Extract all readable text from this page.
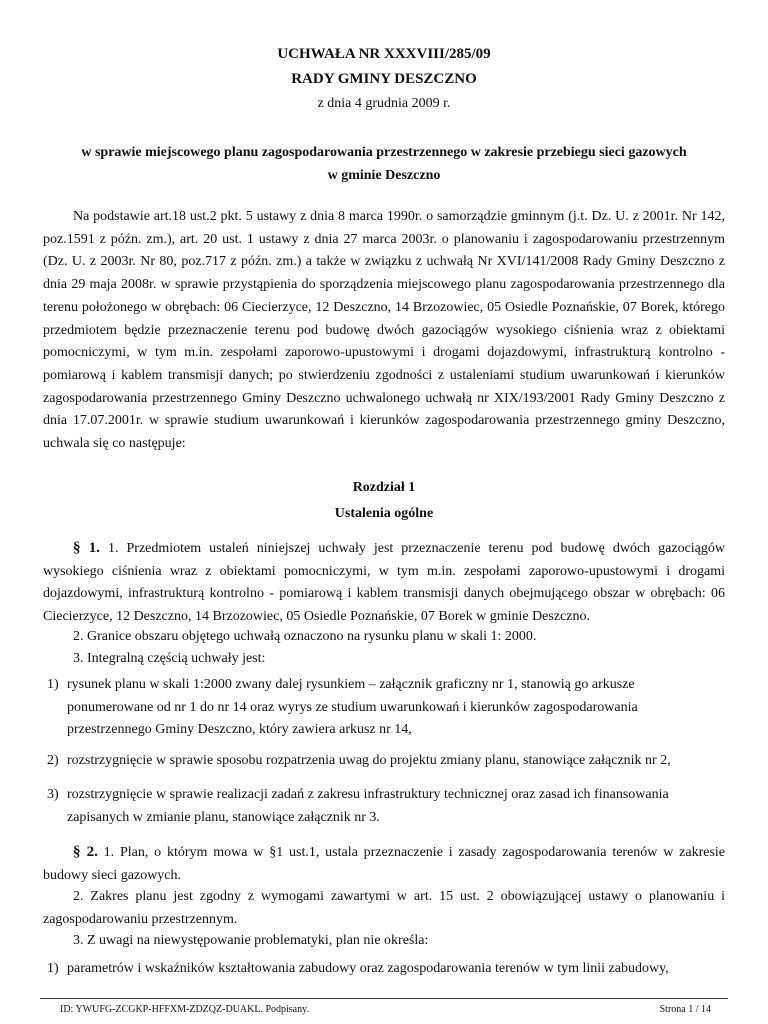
UCHWAŁA NR XXXVIII/285/09
RADY GMINY DESZCZNO
z dnia 4 grudnia 2009 r.
w sprawie miejscowego planu zagospodarowania przestrzennego w zakresie przebiegu sieci gazowych
w gminie Deszczno

Na podstawie art.18 ust.2 pkt. 5 ustawy z dnia 8 marca 1990r. o samorządzie gminnym (j.t. Dz. U. z 2001r. Nr 142, poz.1591 z późn. zm.), art. 20 ust. 1 ustawy z dnia 27 marca 2003r. o planowaniu i zagospodarowaniu przestrzennym (Dz. U. z 2003r. Nr 80, poz.717 z późn. zm.) a także w związku z uchwałą Nr XVI/141/2008 Rady Gminy Deszczno z dnia 29 maja 2008r. w sprawie przystąpienia do sporządzenia miejscowego planu zagospodarowania przestrzennego dla terenu położonego w obrębach: 06 Ciecierzyce, 12 Deszczno, 14 Brzozowiec, 05 Osiedle Poznańskie, 07 Borek, którego przedmiotem będzie przeznaczenie terenu pod budowę dwóch gazociągów wysokiego ciśnienia wraz z obiektami pomocniczymi, w tym m.in. zespołami zaporowo-upustowymi i drogami dojazdowymi, infrastrukturą kontrolno - pomiarową i kablem transmisji danych; po stwierdzeniu zgodności z ustaleniami studium uwarunkowań i kierunków zagospodarowania przestrzennego Gminy Deszczno uchwalonego uchwałą nr XIX/193/2001 Rady Gminy Deszczno z dnia 17.07.2001r. w sprawie studium uwarunkowań i kierunków zagospodarowania przestrzennego gminy Deszczno, uchwala się co następuje:

Rozdział 1
Ustalenia ogólne

§ 1. 1. Przedmiotem ustaleń niniejszej uchwały jest przeznaczenie terenu pod budowę dwóch gazociągów wysokiego ciśnienia wraz z obiektami pomocniczymi, w tym m.in. zespołami zaporowo-upustowymi i drogami dojazdowymi, infrastrukturą kontrolno - pomiarową i kablem transmisji danych obejmującego obszar w obrębach: 06 Ciecierzyce, 12 Deszczno, 14 Brzozowiec, 05 Osiedle Poznańskie, 07 Borek w gminie Deszczno.

2. Granice obszaru objętego uchwałą oznaczono na rysunku planu w skali 1: 2000.
3. Integralną częścią uchwały jest:
1) rysunek planu w skali 1:2000 zwany dalej rysunkiem – załącznik graficzny nr 1, stanowią go arkusze ponumerowane od nr 1 do nr 14 oraz wyrys ze studium uwarunkowań i kierunków zagospodarowania przestrzennego Gminy Deszczno, który zawiera arkusz nr 14,
2) rozstrzygnięcie w sprawie sposobu rozpatrzenia uwag do projektu zmiany planu, stanowiące załącznik nr 2,
3) rozstrzygnięcie w sprawie realizacji zadań z zakresu infrastruktury technicznej oraz zasad ich finansowania zapisanych w zmianie planu, stanowiące załącznik nr 3.

§ 2. 1. Plan, o którym mowa w §1 ust.1, ustala przeznaczenie i zasady zagospodarowania terenów w zakresie budowy sieci gazowych.

2. Zakres planu jest zgodny z wymogami zawartymi w art. 15 ust. 2 obowiązującej ustawy o planowaniu i zagospodarowaniu przestrzennym.

3. Z uwagi na niewystępowanie problematyki, plan nie określa:
1) parametrów i wskaźników kształtowania zabudowy oraz zagospodarowania terenów w tym linii zabudowy,
ID: YWUFG-ZCGKP-HFFXM-ZDZQZ-DUAKL. Podpisany.	Strona 1 / 14
